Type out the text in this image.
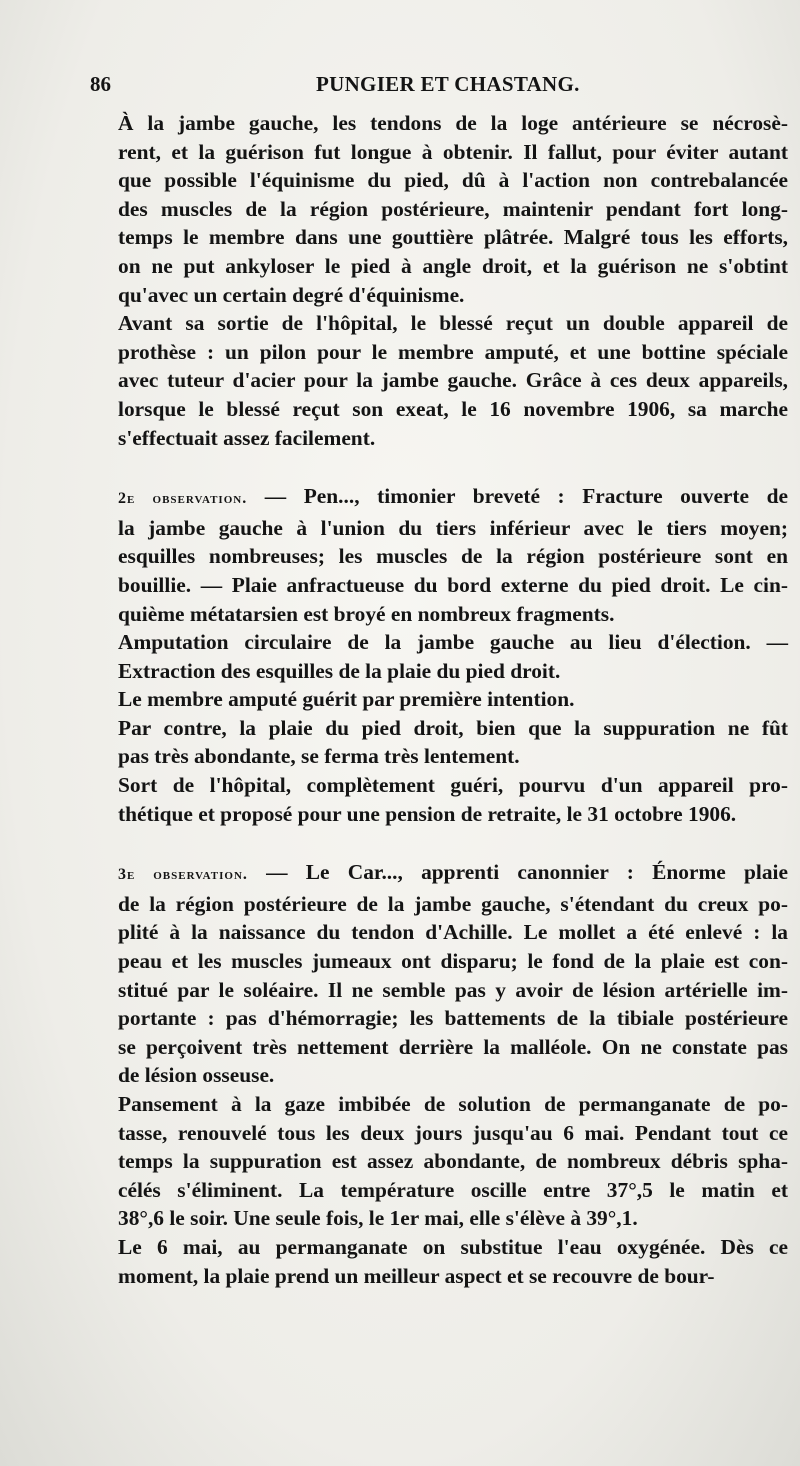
86	PUNGIER ET CHASTANG.

À la jambe gauche, les tendons de la loge antérieure se nécrosè-
rent, et la guérison fut longue à obtenir. Il fallut, pour éviter autant
que possible l'équinisme du pied, dû à l'action non contrebalancée
des muscles de la région postérieure, maintenir pendant fort long-
temps le membre dans une gouttière plâtrée. Malgré tous les efforts,
on ne put ankyloser le pied à angle droit, et la guérison ne s'obtint
qu'avec un certain degré d'équinisme.

Avant sa sortie de l'hôpital, le blessé reçut un double appareil de
prothèse : un pilon pour le membre amputé, et une bottine spéciale
avec tuteur d'acier pour la jambe gauche. Grâce à ces deux appareils,
lorsque le blessé reçut son exeat, le 16 novembre 1906, sa marche
s'effectuait assez facilement.

2e observation. — Pen..., timonier breveté : Fracture ouverte de
la jambe gauche à l'union du tiers inférieur avec le tiers moyen;
esquilles nombreuses; les muscles de la région postérieure sont en
bouillie. — Plaie anfractueuse du bord externe du pied droit. Le cin-
quième métatarsien est broyé en nombreux fragments.

Amputation circulaire de la jambe gauche au lieu d'élection. —
Extraction des esquilles de la plaie du pied droit.

Le membre amputé guérit par première intention.

Par contre, la plaie du pied droit, bien que la suppuration ne fût
pas très abondante, se ferma très lentement.

Sort de l'hôpital, complètement guéri, pourvu d'un appareil pro-
thétique et proposé pour une pension de retraite, le 31 octobre 1906.

3e observation. — Le Car..., apprenti canonnier : Énorme plaie
de la région postérieure de la jambe gauche, s'étendant du creux po-
plité à la naissance du tendon d'Achille. Le mollet a été enlevé : la
peau et les muscles jumeaux ont disparu; le fond de la plaie est con-
stitué par le soléaire. Il ne semble pas y avoir de lésion artérielle im-
portante : pas d'hémorragie; les battements de la tibiale postérieure
se perçoivent très nettement derrière la malléole. On ne constate pas
de lésion osseuse.

Pansement à la gaze imbibée de solution de permanganate de po-
tasse, renouvelé tous les deux jours jusqu'au 6 mai. Pendant tout ce
temps la suppuration est assez abondante, de nombreux débris spha-
célés s'éliminent. La température oscille entre 37°,5 le matin et
38°,6 le soir. Une seule fois, le 1er mai, elle s'élève à 39°,1.

Le 6 mai, au permanganate on substitue l'eau oxygénée. Dès ce
moment, la plaie prend un meilleur aspect et se recouvre de bour-
